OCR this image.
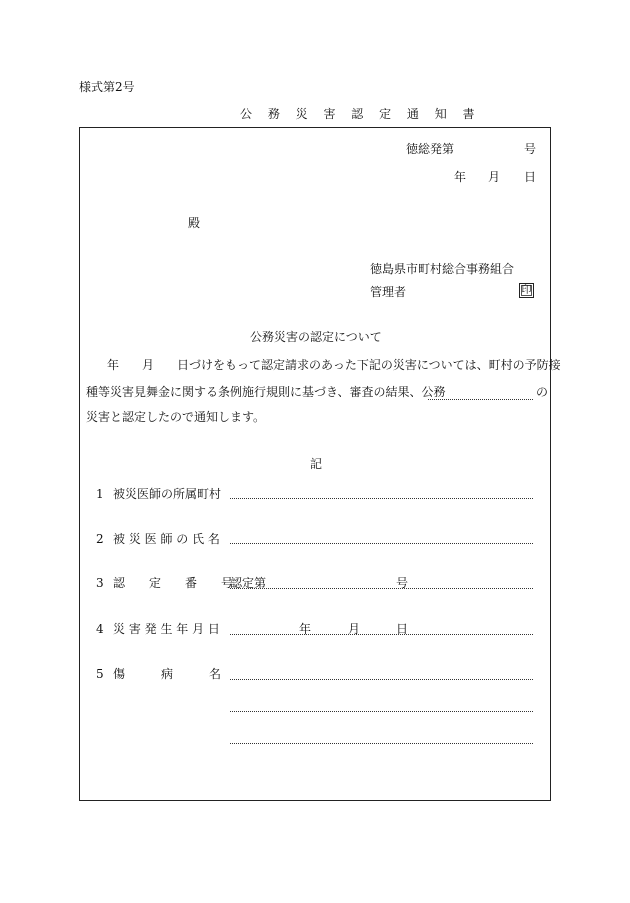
様式第2号
公 務 災 害 認 定 通 知 書
徳総発第	号
年 月 日
殿
徳島県市町村総合事務組合
管理者	印
公務災害の認定について
年 月 日づけをもって認定請求のあった下記の災害については、町村の予防接
種等災害見舞金に関する条例施行規則に基づき、審査の結果、公務	の
災害と認定したので通知します。
記
1 被災医師の所属町村
2 被 災 医 師 の 氏 名
3 認　　定　　番　　号
認定第	号
4 災 害 発 生 年 月 日	年	月	日
5 傷　　　病　　　名
